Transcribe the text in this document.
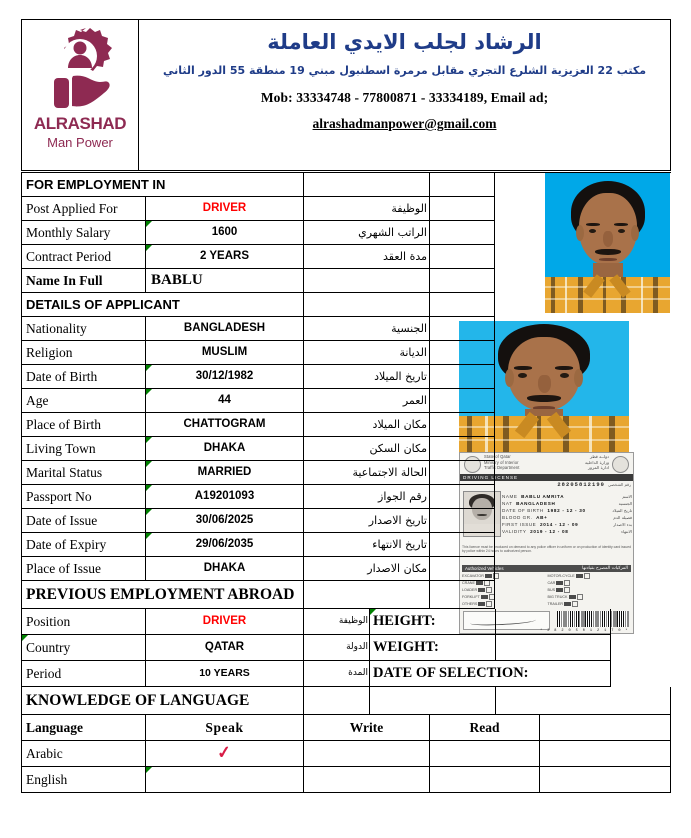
ALRASHAD
Man Power
الرشاد لجلب الايدي العاملة
مكتب 22 العزيزية الشلرع التجري مقابل مرمرة اسطنبول مبني 19 منطقة 55 الدور الثاني
Mob: 33334748 - 77800871 - 33334189, Email ad;
alrashadmanpower@gmail.com
State of Qatar
Ministry of Interior
Traffic Department
دولــة قطر
وزارة الداخلية
ادارة المرور
DRIVING LICENSE
28205812190 رقم الشخصي
NAME BABLU AMRITA
NAT BANGLADESH
DATE OF BIRTH 1982 - 12 - 30
BLOOD GR. AB+
FIRST ISSUE 2014 - 12 - 09
VALIDITY 2019 - 12 - 08
الاسم
الجنسية
تاريخ الميلاد
فصيلة الدم
بدء الاصدار
الانتهاء
This licence must be produced on demand to any police officer in uniform or on production of identity card issued by police within 24 hours to authorized person.
Authorized Vehicles	المركبات المصرح بقيادتها
EXCAVATOR
CRANE
LOADER
FORKLIFT
OTHERS
MOTOR-CYCLE
CAR
BUS
BIG TRUCK
TRAILER
* 2 8 2 0 5 0 1 2 1 7 0 *
FOR EMPLOYMENT IN

Post Applied For	DRIVER	الوظيفة

Monthly Salary	1600	الراتب الشهري

Contract Period	2 YEARS	مدة العقد

Name In Full	BABLU

DETAILS OF APPLICANT

Nationality	BANGLADESH	الجنسية

Religion	MUSLIM	الديانة

Date of Birth	30/12/1982	تاريخ الميلاد

Age	44	العمر

Place of Birth	CHATTOGRAM	مكان الميلاد

Living Town	DHAKA	مكان السكن

Marital Status	MARRIED	الحالة الاجتماعية

Passport No	A19201093	رقم الجواز

Date of Issue	30/06/2025	تاريخ الاصدار

Date of Expiry	29/06/2035	تاريخ الانتهاء

Place of Issue	DHAKA	مكان الاصدار

PREVIOUS EMPLOYMENT ABROAD

Position	DRIVER	الوظيفة HEIGHT:

Country	QATAR	الدولة WEIGHT:

Period	10 YEARS	المدة DATE OF SELECTION:
KNOWLEDGE OF LANGUAGE

Language	Speak	Write	Read

Arabic	✓

English
